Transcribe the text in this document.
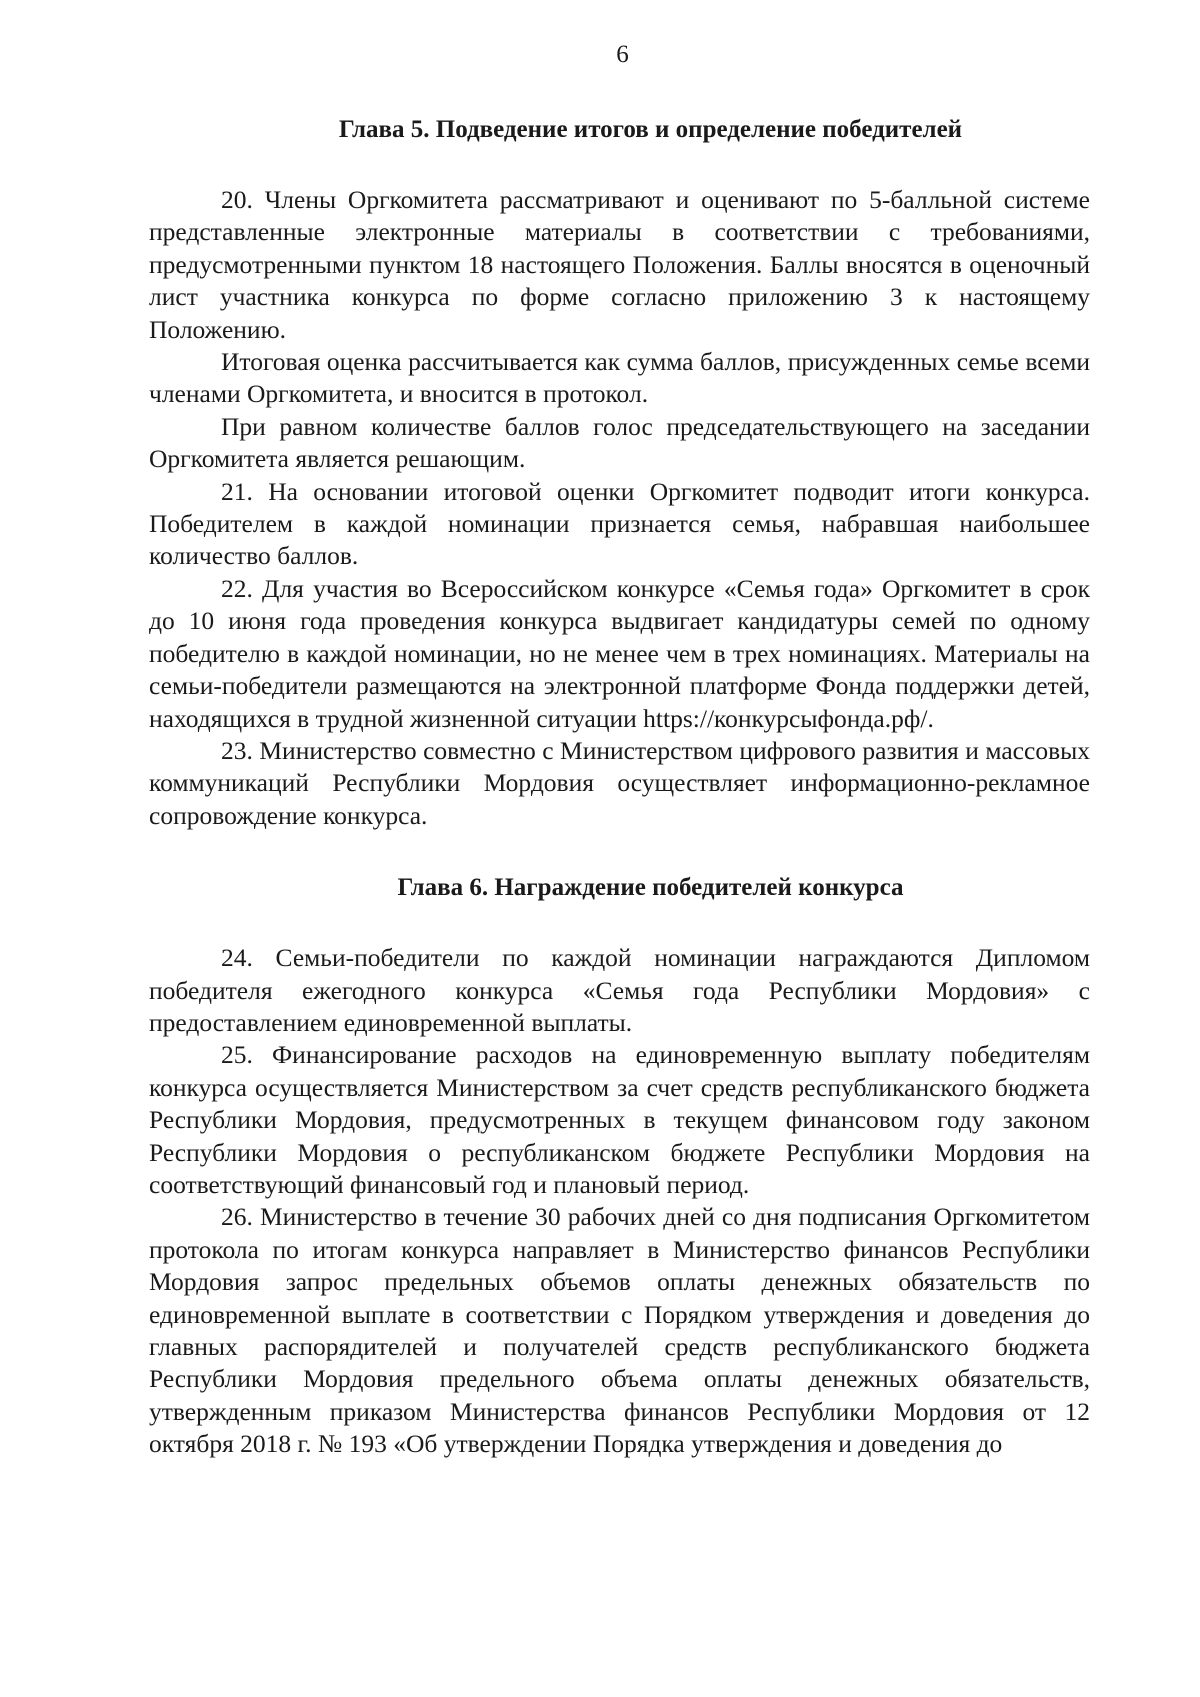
6
Глава 5. Подведение итогов и определение победителей

20. Члены Оргкомитета рассматривают и оценивают по 5-балльной системе представленные электронные материалы в соответствии с требованиями, предусмотренными пунктом 18 настоящего Положения. Баллы вносятся в оценочный лист участника конкурса по форме согласно приложению 3 к настоящему Положению.

Итоговая оценка рассчитывается как сумма баллов, присужденных семье всеми членами Оргкомитета, и вносится в протокол.

При равном количестве баллов голос председательствующего на заседании Оргкомитета является решающим.

21. На основании итоговой оценки Оргкомитет подводит итоги конкурса. Победителем в каждой номинации признается семья, набравшая наибольшее количество баллов.

22. Для участия во Всероссийском конкурсе «Семья года» Оргкомитет в срок до 10 июня года проведения конкурса выдвигает кандидатуры семей по одному победителю в каждой номинации, но не менее чем в трех номинациях. Материалы на семьи-победители размещаются на электронной платформе Фонда поддержки детей, находящихся в трудной жизненной ситуации https://конкурсыфонда.рф/.

23. Министерство совместно с Министерством цифрового развития и массовых коммуникаций Республики Мордовия осуществляет информационно-рекламное сопровождение конкурса.

Глава 6. Награждение победителей конкурса

24. Семьи-победители по каждой номинации награждаются Дипломом победителя ежегодного конкурса «Семья года Республики Мордовия» с предоставлением единовременной выплаты.

25. Финансирование расходов на единовременную выплату победителям конкурса осуществляется Министерством за счет средств республиканского бюджета Республики Мордовия, предусмотренных в текущем финансовом году законом Республики Мордовия о республиканском бюджете Республики Мордовия на соответствующий финансовый год и плановый период.

26. Министерство в течение 30 рабочих дней со дня подписания Оргкомитетом протокола по итогам конкурса направляет в Министерство финансов Республики Мордовия запрос предельных объемов оплаты денежных обязательств по единовременной выплате в соответствии с Порядком утверждения и доведения до главных распорядителей и получателей средств республиканского бюджета Республики Мордовия предельного объема оплаты денежных обязательств, утвержденным приказом Министерства финансов Республики Мордовия от 12 октября 2018 г. № 193 «Об утверждении Порядка утверждения и доведения до
